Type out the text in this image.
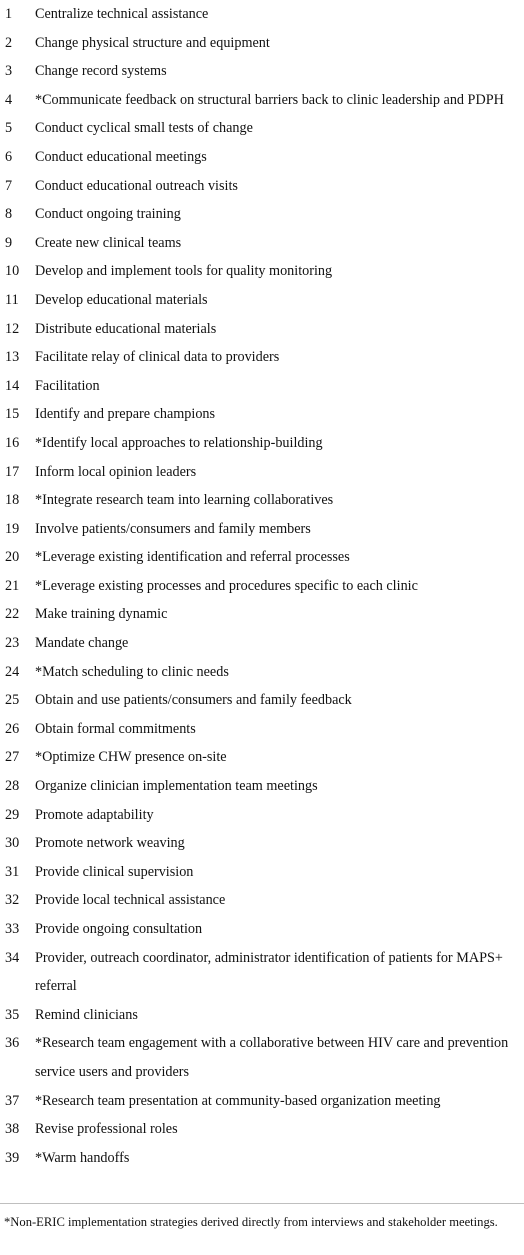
1	Centralize technical assistance
2	Change physical structure and equipment
3	Change record systems
4	*Communicate feedback on structural barriers back to clinic leadership and PDPH
5	Conduct cyclical small tests of change
6	Conduct educational meetings
7	Conduct educational outreach visits
8	Conduct ongoing training
9	Create new clinical teams
10	Develop and implement tools for quality monitoring
11	Develop educational materials
12	Distribute educational materials
13	Facilitate relay of clinical data to providers
14	Facilitation
15	Identify and prepare champions
16	*Identify local approaches to relationship-building
17	Inform local opinion leaders
18	*Integrate research team into learning collaboratives
19	Involve patients/consumers and family members
20	*Leverage existing identification and referral processes
21	*Leverage existing processes and procedures specific to each clinic
22	Make training dynamic
23	Mandate change
24	*Match scheduling to clinic needs
25	Obtain and use patients/consumers and family feedback
26	Obtain formal commitments
27	*Optimize CHW presence on-site
28	Organize clinician implementation team meetings
29	Promote adaptability
30	Promote network weaving
31	Provide clinical supervision
32	Provide local technical assistance
33	Provide ongoing consultation
34	Provider, outreach coordinator, administrator identification of patients for MAPS+ referral
35	Remind clinicians
36	*Research team engagement with a collaborative between HIV care and prevention service users and providers
37	*Research team presentation at community-based organization meeting
38	Revise professional roles
39	*Warm handoffs
*Non-ERIC implementation strategies derived directly from interviews and stakeholder meetings.
